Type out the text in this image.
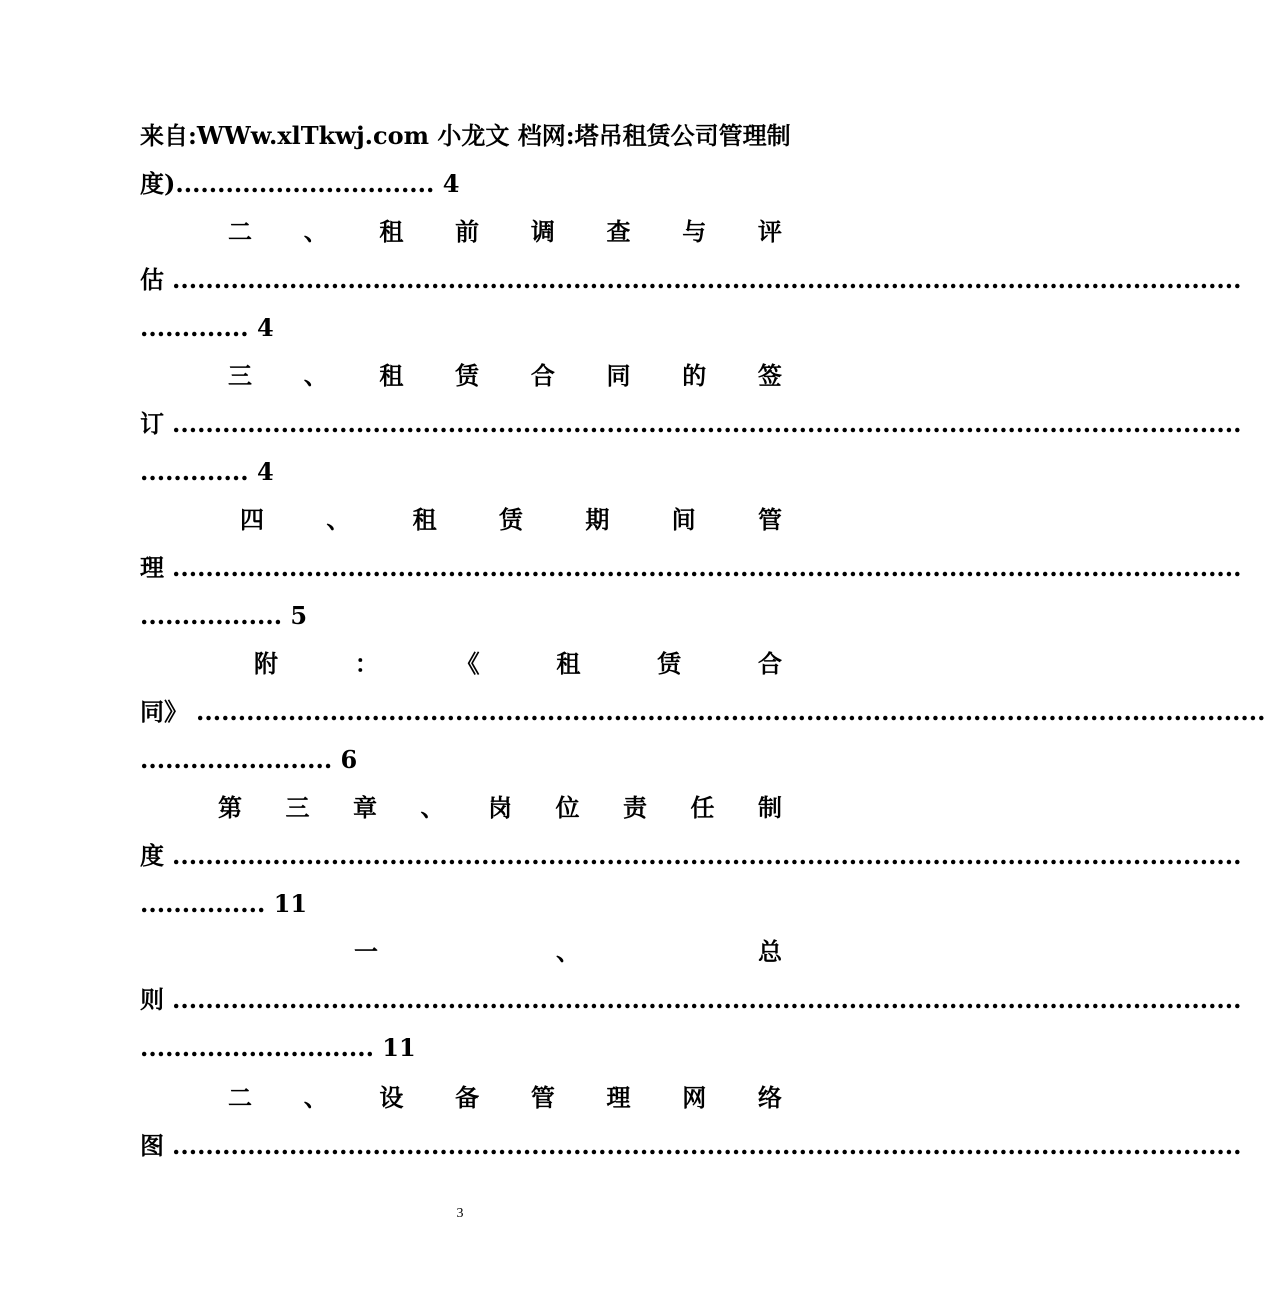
来自:WWw.xlTkwj.com 小龙文 档网:塔吊租赁公司管理制
度)............................... 4
二 、 租 前 调 查 与 评
估 ................................................................................................................................
............. 4
三 、 租 赁 合 同 的 签
订 ................................................................................................................................
............. 4
四	、	租	赁	期	间	管
理 ................................................................................................................................
................. 5
附	：	《	租	赁	合
同》 ................................................................................................................................
....................... 6
第 三 章 、 岗 位 责 任 制
度 ................................................................................................................................
............... 11
一	、	总
则 ................................................................................................................................
............................ 11
二 、 设 备 管 理 网 络
图 ................................................................................................................................
3
